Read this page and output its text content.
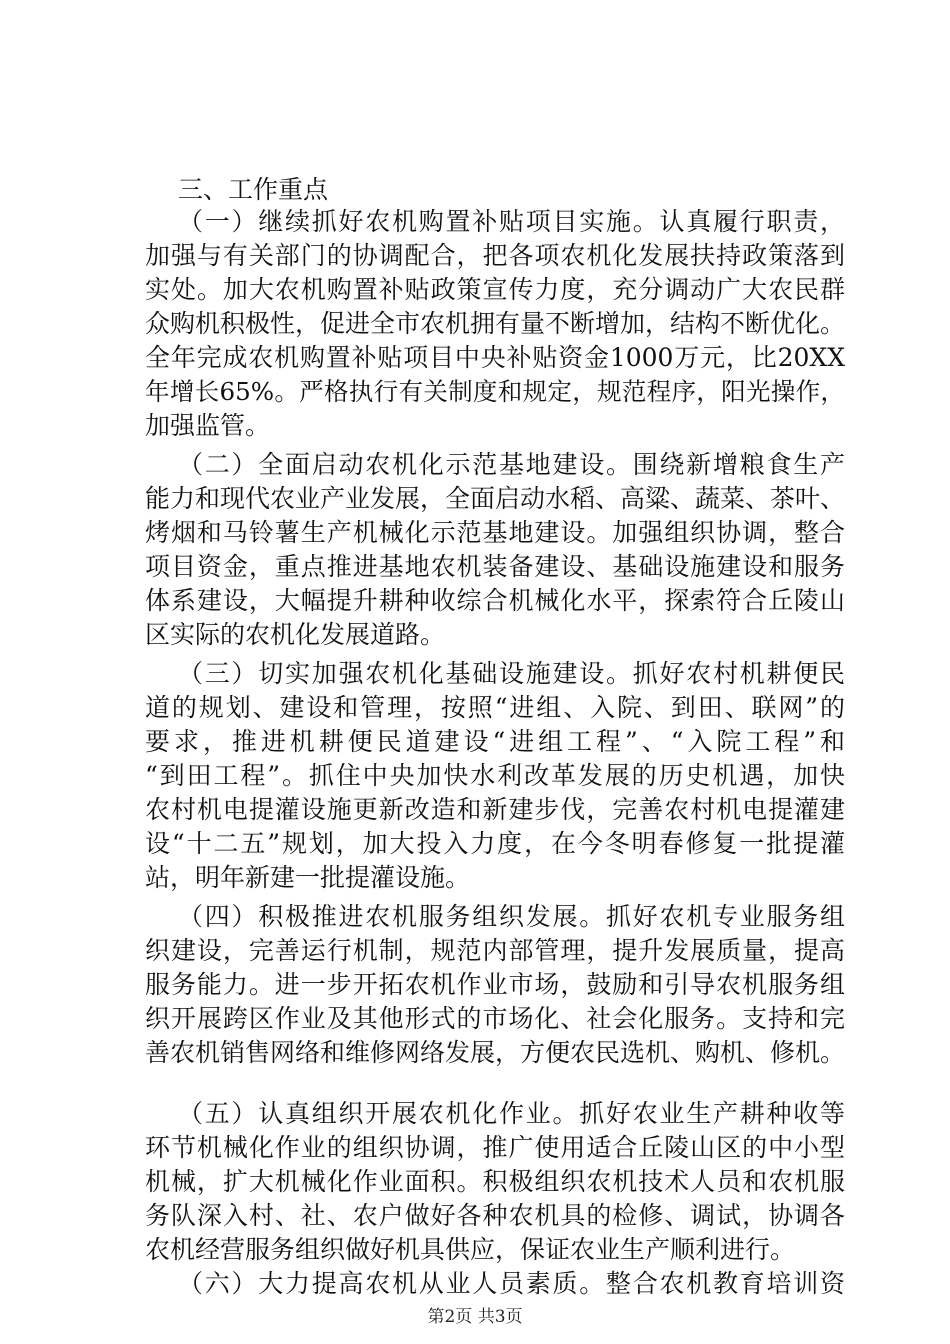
三、工作重点
（一）继续抓好农机购置补贴项目实施。认真履行职责，
加强与有关部门的协调配合，把各项农机化发展扶持政策落到
实处。加大农机购置补贴政策宣传力度，充分调动广大农民群
众购机积极性，促进全市农机拥有量不断增加，结构不断优化。
全年完成农机购置补贴项目中央补贴资金1000万元，比20XX
年增长65%。严格执行有关制度和规定，规范程序，阳光操作，
加强监管。
（二）全面启动农机化示范基地建设。围绕新增粮食生产
能力和现代农业产业发展，全面启动水稻、高粱、蔬菜、茶叶、
烤烟和马铃薯生产机械化示范基地建设。加强组织协调，整合
项目资金，重点推进基地农机装备建设、基础设施建设和服务
体系建设，大幅提升耕种收综合机械化水平，探索符合丘陵山
区实际的农机化发展道路。
（三）切实加强农机化基础设施建设。抓好农村机耕便民
道的规划、建设和管理，按照“进组、入院、到田、联网”的
要求，推进机耕便民道建设“进组工程”、“入院工程”和
“到田工程”。抓住中央加快水利改革发展的历史机遇，加快
农村机电提灌设施更新改造和新建步伐，完善农村机电提灌建
设“十二五”规划，加大投入力度，在今冬明春修复一批提灌
站，明年新建一批提灌设施。
（四）积极推进农机服务组织发展。抓好农机专业服务组
织建设，完善运行机制，规范内部管理，提升发展质量，提高
服务能力。进一步开拓农机作业市场，鼓励和引导农机服务组
织开展跨区作业及其他形式的市场化、社会化服务。支持和完
善农机销售网络和维修网络发展，方便农民选机、购机、修机。
（五）认真组织开展农机化作业。抓好农业生产耕种收等
环节机械化作业的组织协调，推广使用适合丘陵山区的中小型
机械，扩大机械化作业面积。积极组织农机技术人员和农机服
务队深入村、社、农户做好各种农机具的检修、调试，协调各
农机经营服务组织做好机具供应，保证农业生产顺利进行。
（六）大力提高农机从业人员素质。整合农机教育培训资
第2页 共3页
